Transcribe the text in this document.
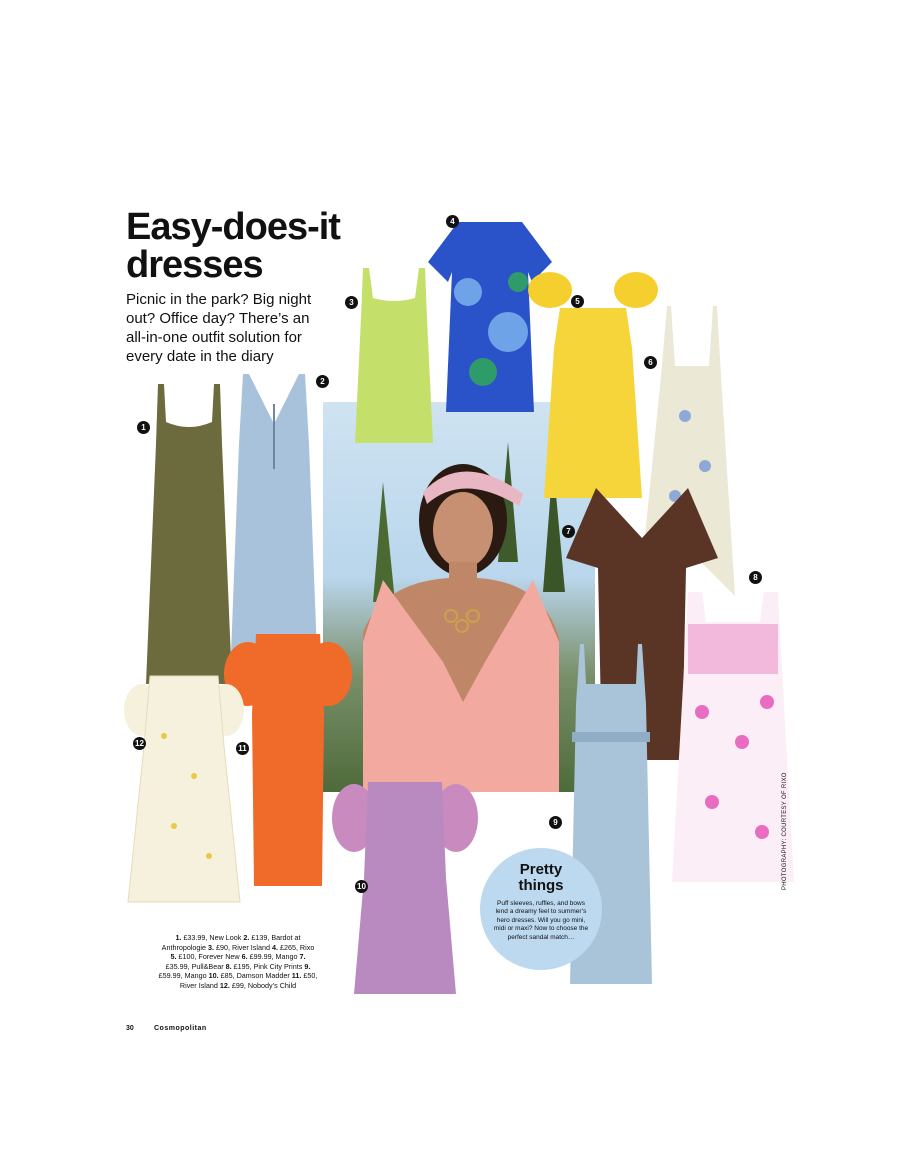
Easy-does-it
dresses

Picnic in the park? Big night out? Office day? There’s an all-in-one outfit solution for every date in the diary

1
2
3
4
5
6
7
8
9
10
11
12

1. £33.99, New Look 2. £139, Bardot at Anthropologie 3. £90, River Island 4. £265, Rixo 5. £100, Forever New 6. £99.99, Mango 7. £35.99, Pull&Bear 8. £195, Pink City Prints 9. £59.99, Mango 10. £85, Damson Madder 11. £50, River Island 12. £99, Nobody’s Child

Pretty things
Puff sleeves, ruffles, and bows lend a dreamy feel to summer’s hero dresses. Will you go mini, midi or maxi? Now to choose the perfect sandal match…
PHOTOGRAPHY: COURTESY OF RIXO
30	Cosmopolitan
